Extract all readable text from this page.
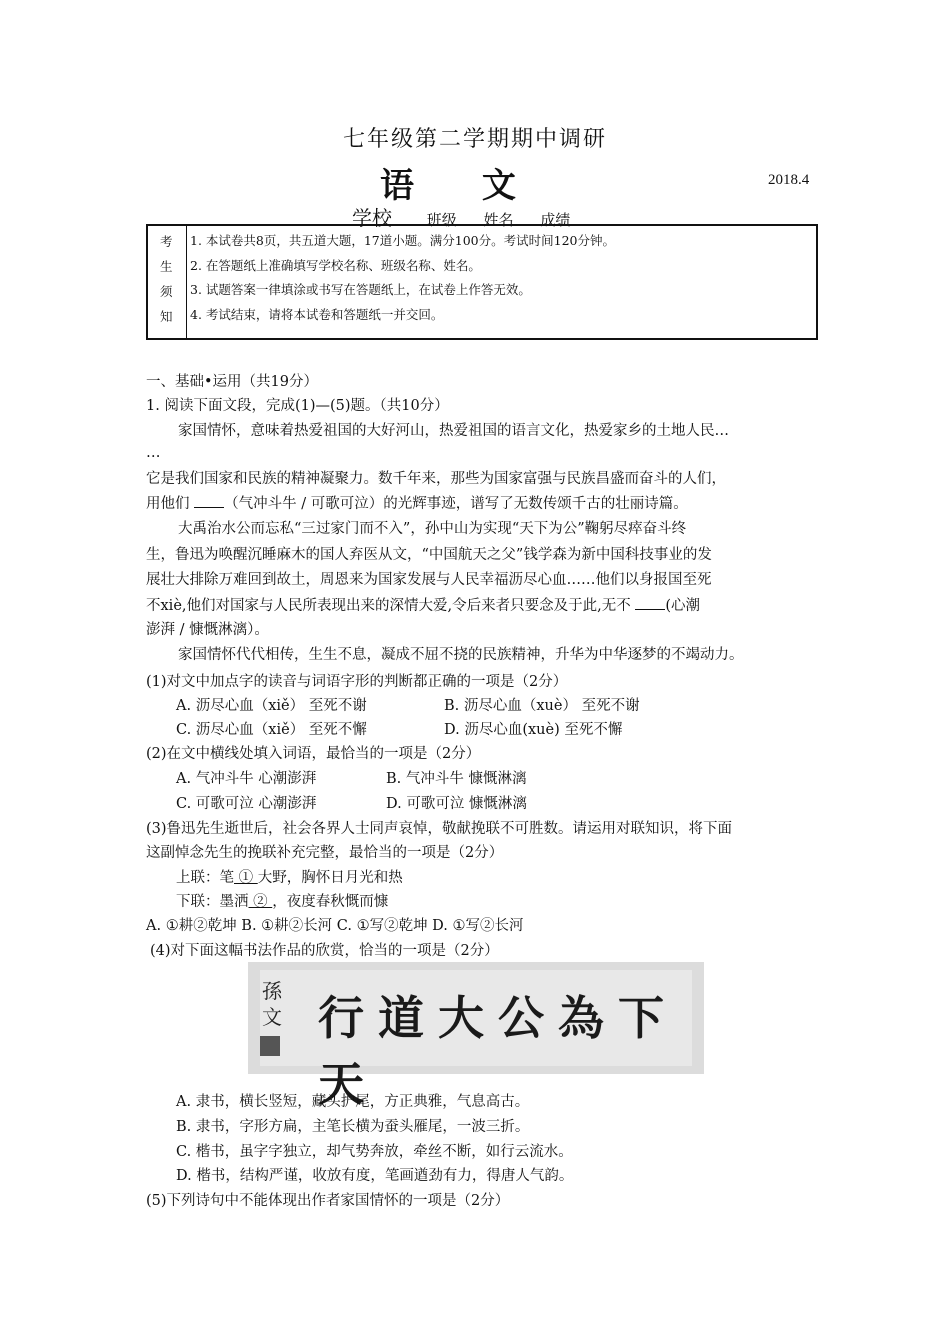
七年级第二学期期中调研
语 文	2018.4
学校 班级 姓名 成绩
考
生
须
知
1. 本试卷共8页，共五道大题，17道小题。满分100分。考试时间120分钟。
2. 在答题纸上准确填写学校名称、班级名称、姓名。
3. 试题答案一律填涂或书写在答题纸上，在试卷上作答无效。
4. 考试结束，请将本试卷和答题纸一并交回。
一、基础•运用（共19分）
1. 阅读下面文段，完成(1)—(5)题。（共10分）
家国情怀，意味着热爱祖国的大好河山，热爱祖国的语言文化，热爱家乡的土地人民…
…
它是我们国家和民族的精神凝聚力。数千年来，那些为国家富强与民族昌盛而奋斗的人们，
用他们 （气冲斗牛 / 可歌可泣）的光辉事迹，谱写了无数传颂千古的壮丽诗篇。
大禹治水公而忘私“三过家门而不入”，孙中山为实现“天下为公”鞠躬尽瘁奋斗终
生，鲁迅为唤醒沉睡麻木的国人弃医从文，“中国航天之父”钱学森为新中国科技事业的发
展壮大排除万难回到故土，周恩来为国家发展与人民幸福沥尽心血……他们以身报国至死
不xiè,他们对国家与人民所表现出来的深情大爱,令后来者只要念及于此,无不 (心潮
澎湃 / 慷慨淋漓）。
家国情怀代代相传，生生不息，凝成不屈不挠的民族精神，升华为中华逐梦的不竭动力。
(1)对文中加点字的读音与词语字形的判断都正确的一项是（2分）
A. 沥尽心血（xiě） 至死不谢	B. 沥尽心血（xuè） 至死不谢
C. 沥尽心血（xiě） 至死不懈	D. 沥尽心血(xuè) 至死不懈
(2)在文中横线处填入词语，最恰当的一项是（2分）
A. 气冲斗牛 心潮澎湃	B. 气冲斗牛 慷慨淋漓
C. 可歌可泣 心潮澎湃	D. 可歌可泣 慷慨淋漓
(3)鲁迅先生逝世后，社会各界人士同声哀悼，敬献挽联不可胜数。请运用对联知识，将下面
这副悼念先生的挽联补充完整，最恰当的一项是（2分）
上联：笔 ① 大野，胸怀日月光和热
下联：墨洒 ② ，夜度春秋慨而慷
A. ①耕②乾坤 B. ①耕②长河 C. ①写②乾坤 D. ①写②长河
(4)对下面这幅书法作品的欣赏，恰当的一项是（2分）
孫
文 行道大公為下天
A. 隶书，横长竖短，藏头护尾，方正典雅，气息高古。
B. 隶书，字形方扁，主笔长横为蚕头雁尾，一波三折。
C. 楷书，虽字字独立，却气势奔放，牵丝不断，如行云流水。
D. 楷书，结构严谨，收放有度，笔画遒劲有力，得唐人气韵。
(5)下列诗句中不能体现出作者家国情怀的一项是（2分）
